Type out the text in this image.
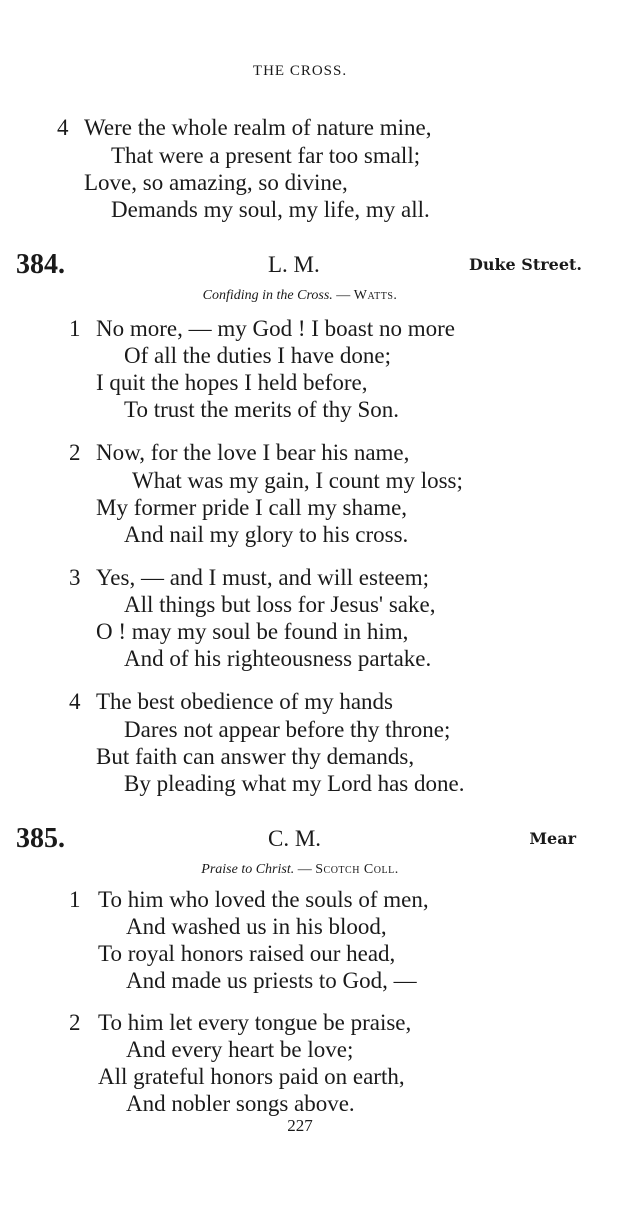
THE CROSS.
4 Were the whole realm of nature mine,
That were a present far too small;
Love, so amazing, so divine,
Demands my soul, my life, my all.
384.	L. M.	Duke Street.
Confiding in the Cross. — Watts.
1 No more, — my God ! I boast no more
Of all the duties I have done;
I quit the hopes I held before,
To trust the merits of thy Son.
2 Now, for the love I bear his name,
What was my gain, I count my loss;
My former pride I call my shame,
And nail my glory to his cross.
3 Yes, — and I must, and will esteem;
All things but loss for Jesus' sake,
O ! may my soul be found in him,
And of his righteousness partake.
4 The best obedience of my hands
Dares not appear before thy throne;
But faith can answer thy demands,
By pleading what my Lord has done.
385.	C. M.	Mear
Praise to Christ. — Scotch Coll.
1 To him who loved the souls of men,
And washed us in his blood,
To royal honors raised our head,
And made us priests to God, —
2 To him let every tongue be praise,
And every heart be love;
All grateful honors paid on earth,
And nobler songs above.
227
